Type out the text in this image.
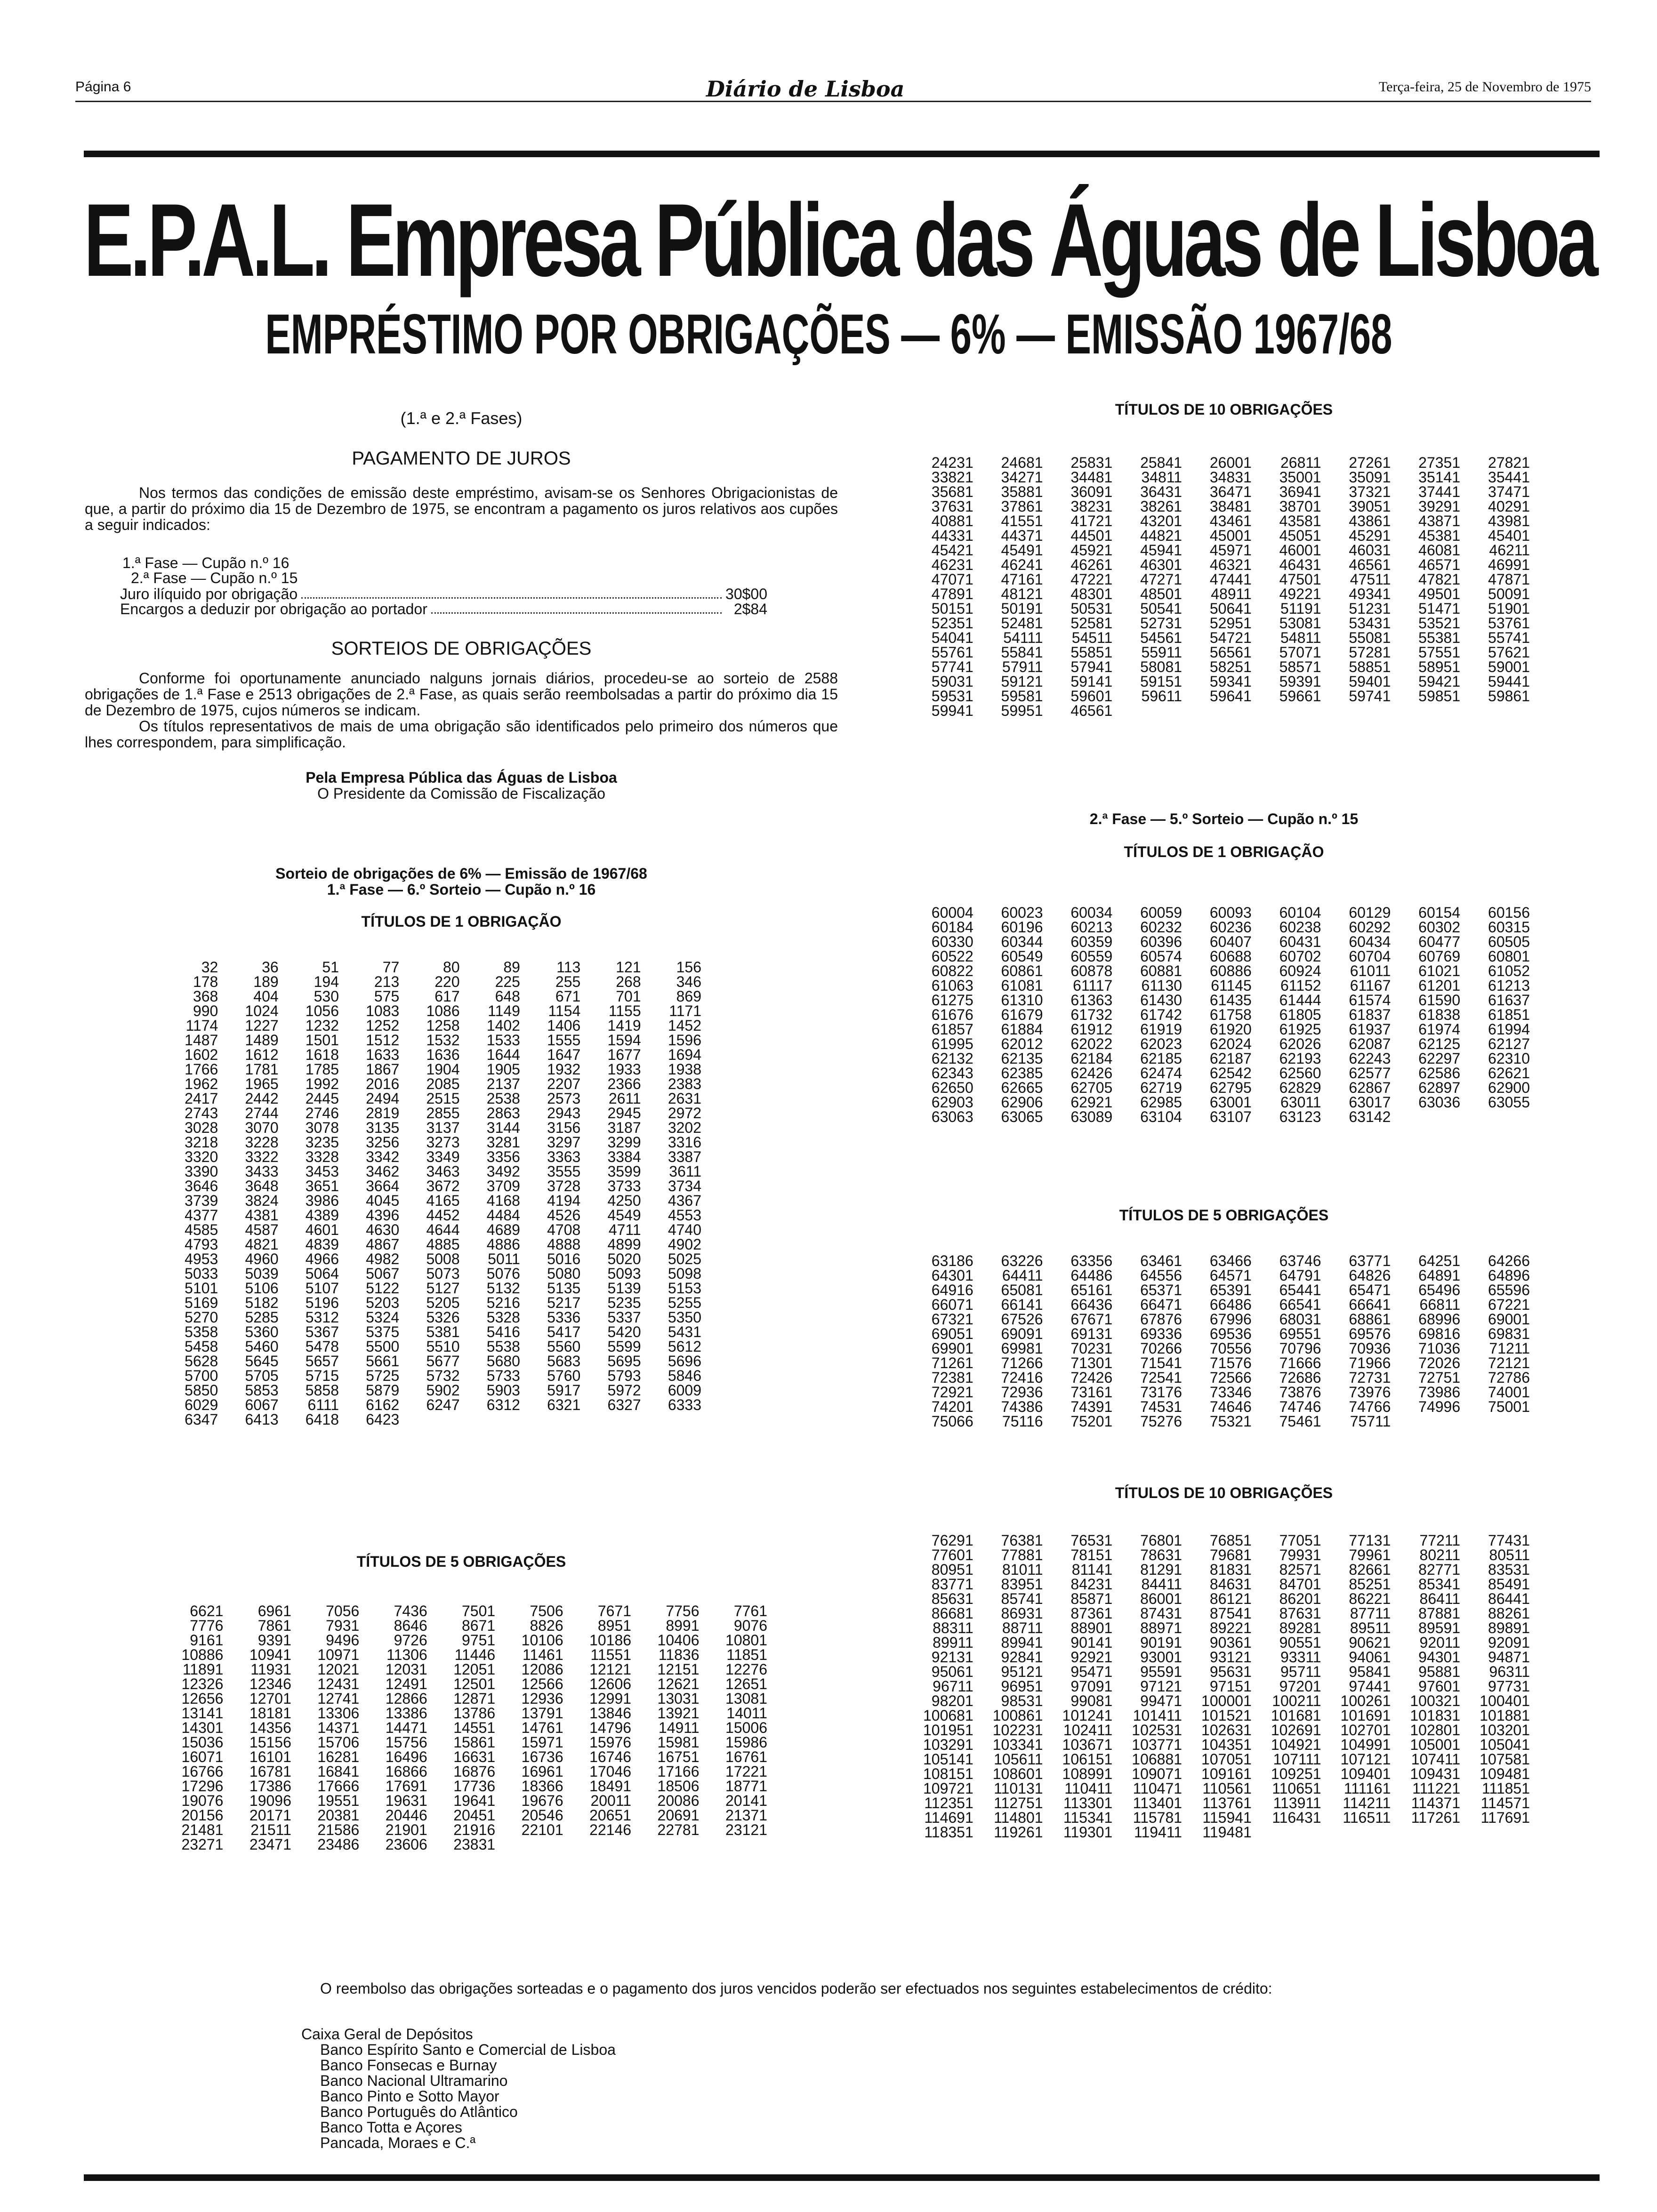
Página 6	Diário de Lisboa	Terça-feira, 25 de Novembro de 1975
E.P.A.L. Empresa Pública das Águas de Lisboa
EMPRÉSTIMO POR OBRIGAÇÕES — 6% — EMISSÃO 1967/68
(1.ª e 2.ª Fases)
PAGAMENTO DE JUROS
Nos termos das condições de emissão deste empréstimo, avisam-se os Senhores Obrigacionistas de que, a partir do próximo dia 15 de Dezembro de 1975, se encontram a pagamento os juros relativos aos cupões a seguir indicados:
1.ª Fase — Cupão n.º 16
2.ª Fase — Cupão n.º 15
Juro ilíquido por obrigação	30$00
Encargos a deduzir por obrigação ao portador	2$84
SORTEIOS DE OBRIGAÇÕES
Conforme foi oportunamente anunciado nalguns jornais diários, procedeu-se ao sorteio de 2588 obrigações de 1.ª Fase e 2513 obrigações de 2.ª Fase, as quais serão reembolsadas a partir do próximo dia 15 de Dezembro de 1975, cujos números se indicam.
Os títulos representativos de mais de uma obrigação são identificados pelo primeiro dos números que lhes correspondem, para simplificação.
Pela Empresa Pública das Águas de Lisboa
O Presidente da Comissão de Fiscalização
Sorteio de obrigações de 6% — Emissão de 1967/68
1.ª Fase — 6.º Sorteio — Cupão n.º 16
TÍTULOS DE 1 OBRIGAÇÃO
32	36	51	77	80	89	113	121	156
178	189	194	213	220	225	255	268	346
368	404	530	575	617	648	671	701	869
990	1024	1056	1083	1086	1149	1154	1155	1171
1174	1227	1232	1252	1258	1402	1406	1419	1452
1487	1489	1501	1512	1532	1533	1555	1594	1596
1602	1612	1618	1633	1636	1644	1647	1677	1694
1766	1781	1785	1867	1904	1905	1932	1933	1938
1962	1965	1992	2016	2085	2137	2207	2366	2383
2417	2442	2445	2494	2515	2538	2573	2611	2631
2743	2744	2746	2819	2855	2863	2943	2945	2972
3028	3070	3078	3135	3137	3144	3156	3187	3202
3218	3228	3235	3256	3273	3281	3297	3299	3316
3320	3322	3328	3342	3349	3356	3363	3384	3387
3390	3433	3453	3462	3463	3492	3555	3599	3611
3646	3648	3651	3664	3672	3709	3728	3733	3734
3739	3824	3986	4045	4165	4168	4194	4250	4367
4377	4381	4389	4396	4452	4484	4526	4549	4553
4585	4587	4601	4630	4644	4689	4708	4711	4740
4793	4821	4839	4867	4885	4886	4888	4899	4902
4953	4960	4966	4982	5008	5011	5016	5020	5025
5033	5039	5064	5067	5073	5076	5080	5093	5098
5101	5106	5107	5122	5127	5132	5135	5139	5153
5169	5182	5196	5203	5205	5216	5217	5235	5255
5270	5285	5312	5324	5326	5328	5336	5337	5350
5358	5360	5367	5375	5381	5416	5417	5420	5431
5458	5460	5478	5500	5510	5538	5560	5599	5612
5628	5645	5657	5661	5677	5680	5683	5695	5696
5700	5705	5715	5725	5732	5733	5760	5793	5846
5850	5853	5858	5879	5902	5903	5917	5972	6009
6029	6067	6111	6162	6247	6312	6321	6327	6333
6347	6413	6418	6423					
TÍTULOS DE 5 OBRIGAÇÕES
6621	6961	7056	7436	7501	7506	7671	7756	7761
7776	7861	7931	8646	8671	8826	8951	8991	9076
9161	9391	9496	9726	9751	10106	10186	10406	10801
10886	10941	10971	11306	11446	11461	11551	11836	11851
11891	11931	12021	12031	12051	12086	12121	12151	12276
12326	12346	12431	12491	12501	12566	12606	12621	12651
12656	12701	12741	12866	12871	12936	12991	13031	13081
13141	18181	13306	13386	13786	13791	13846	13921	14011
14301	14356	14371	14471	14551	14761	14796	14911	15006
15036	15156	15706	15756	15861	15971	15976	15981	15986
16071	16101	16281	16496	16631	16736	16746	16751	16761
16766	16781	16841	16866	16876	16961	17046	17166	17221
17296	17386	17666	17691	17736	18366	18491	18506	18771
19076	19096	19551	19631	19641	19676	20011	20086	20141
20156	20171	20381	20446	20451	20546	20651	20691	21371
21481	21511	21586	21901	21916	22101	22146	22781	23121
23271	23471	23486	23606	23831				
TÍTULOS DE 10 OBRIGAÇÕES
24231	24681	25831	25841	26001	26811	27261	27351	27821
33821	34271	34481	34811	34831	35001	35091	35141	35441
35681	35881	36091	36431	36471	36941	37321	37441	37471
37631	37861	38231	38261	38481	38701	39051	39291	40291
40881	41551	41721	43201	43461	43581	43861	43871	43981
44331	44371	44501	44821	45001	45051	45291	45381	45401
45421	45491	45921	45941	45971	46001	46031	46081	46211
46231	46241	46261	46301	46321	46431	46561	46571	46991
47071	47161	47221	47271	47441	47501	47511	47821	47871
47891	48121	48301	48501	48911	49221	49341	49501	50091
50151	50191	50531	50541	50641	51191	51231	51471	51901
52351	52481	52581	52731	52951	53081	53431	53521	53761
54041	54111	54511	54561	54721	54811	55081	55381	55741
55761	55841	55851	55911	56561	57071	57281	57551	57621
57741	57911	57941	58081	58251	58571	58851	58951	59001
59031	59121	59141	59151	59341	59391	59401	59421	59441
59531	59581	59601	59611	59641	59661	59741	59851	59861
59941	59951	46561						
2.ª Fase — 5.º Sorteio — Cupão n.º 15
TÍTULOS DE 1 OBRIGAÇÃO
60004	60023	60034	60059	60093	60104	60129	60154	60156
60184	60196	60213	60232	60236	60238	60292	60302	60315
60330	60344	60359	60396	60407	60431	60434	60477	60505
60522	60549	60559	60574	60688	60702	60704	60769	60801
60822	60861	60878	60881	60886	60924	61011	61021	61052
61063	61081	61117	61130	61145	61152	61167	61201	61213
61275	61310	61363	61430	61435	61444	61574	61590	61637
61676	61679	61732	61742	61758	61805	61837	61838	61851
61857	61884	61912	61919	61920	61925	61937	61974	61994
61995	62012	62022	62023	62024	62026	62087	62125	62127
62132	62135	62184	62185	62187	62193	62243	62297	62310
62343	62385	62426	62474	62542	62560	62577	62586	62621
62650	62665	62705	62719	62795	62829	62867	62897	62900
62903	62906	62921	62985	63001	63011	63017	63036	63055
63063	63065	63089	63104	63107	63123	63142		
TÍTULOS DE 5 OBRIGAÇÕES
63186	63226	63356	63461	63466	63746	63771	64251	64266
64301	64411	64486	64556	64571	64791	64826	64891	64896
64916	65081	65161	65371	65391	65441	65471	65496	65596
66071	66141	66436	66471	66486	66541	66641	66811	67221
67321	67526	67671	67876	67996	68031	68861	68996	69001
69051	69091	69131	69336	69536	69551	69576	69816	69831
69901	69981	70231	70266	70556	70796	70936	71036	71211
71261	71266	71301	71541	71576	71666	71966	72026	72121
72381	72416	72426	72541	72566	72686	72731	72751	72786
72921	72936	73161	73176	73346	73876	73976	73986	74001
74201	74386	74391	74531	74646	74746	74766	74996	75001
75066	75116	75201	75276	75321	75461	75711		
TÍTULOS DE 10 OBRIGAÇÕES
76291	76381	76531	76801	76851	77051	77131	77211	77431
77601	77881	78151	78631	79681	79931	79961	80211	80511
80951	81011	81141	81291	81831	82571	82661	82771	83531
83771	83951	84231	84411	84631	84701	85251	85341	85491
85631	85741	85871	86001	86121	86201	86221	86411	86441
86681	86931	87361	87431	87541	87631	87711	87881	88261
88311	88711	88901	88971	89221	89281	89511	89591	89891
89911	89941	90141	90191	90361	90551	90621	92011	92091
92131	92841	92921	93001	93121	93311	94061	94301	94871
95061	95121	95471	95591	95631	95711	95841	95881	96311
96711	96951	97091	97121	97151	97201	97441	97601	97731
98201	98531	99081	99471	100001	100211	100261	100321	100401
100681	100861	101241	101411	101521	101681	101691	101831	101881
101951	102231	102411	102531	102631	102691	102701	102801	103201
103291	103341	103671	103771	104351	104921	104991	105001	105041
105141	105611	106151	106881	107051	107111	107121	107411	107581
108151	108601	108991	109071	109161	109251	109401	109431	109481
109721	110131	110411	110471	110561	110651	111161	111221	111851
112351	112751	113301	113401	113761	113911	114211	114371	114571
114691	114801	115341	115781	115941	116431	116511	117261	117691
118351	119261	119301	119411	119481				
O reembolso das obrigações sorteadas e o pagamento dos juros vencidos poderão ser efectuados nos seguintes estabelecimentos de crédito:
Caixa Geral de Depósitos
Banco Espírito Santo e Comercial de Lisboa
Banco Fonsecas e Burnay
Banco Nacional Ultramarino
Banco Pinto e Sotto Mayor
Banco Português do Atlântico
Banco Totta e Açores
Pancada, Moraes e C.ª
